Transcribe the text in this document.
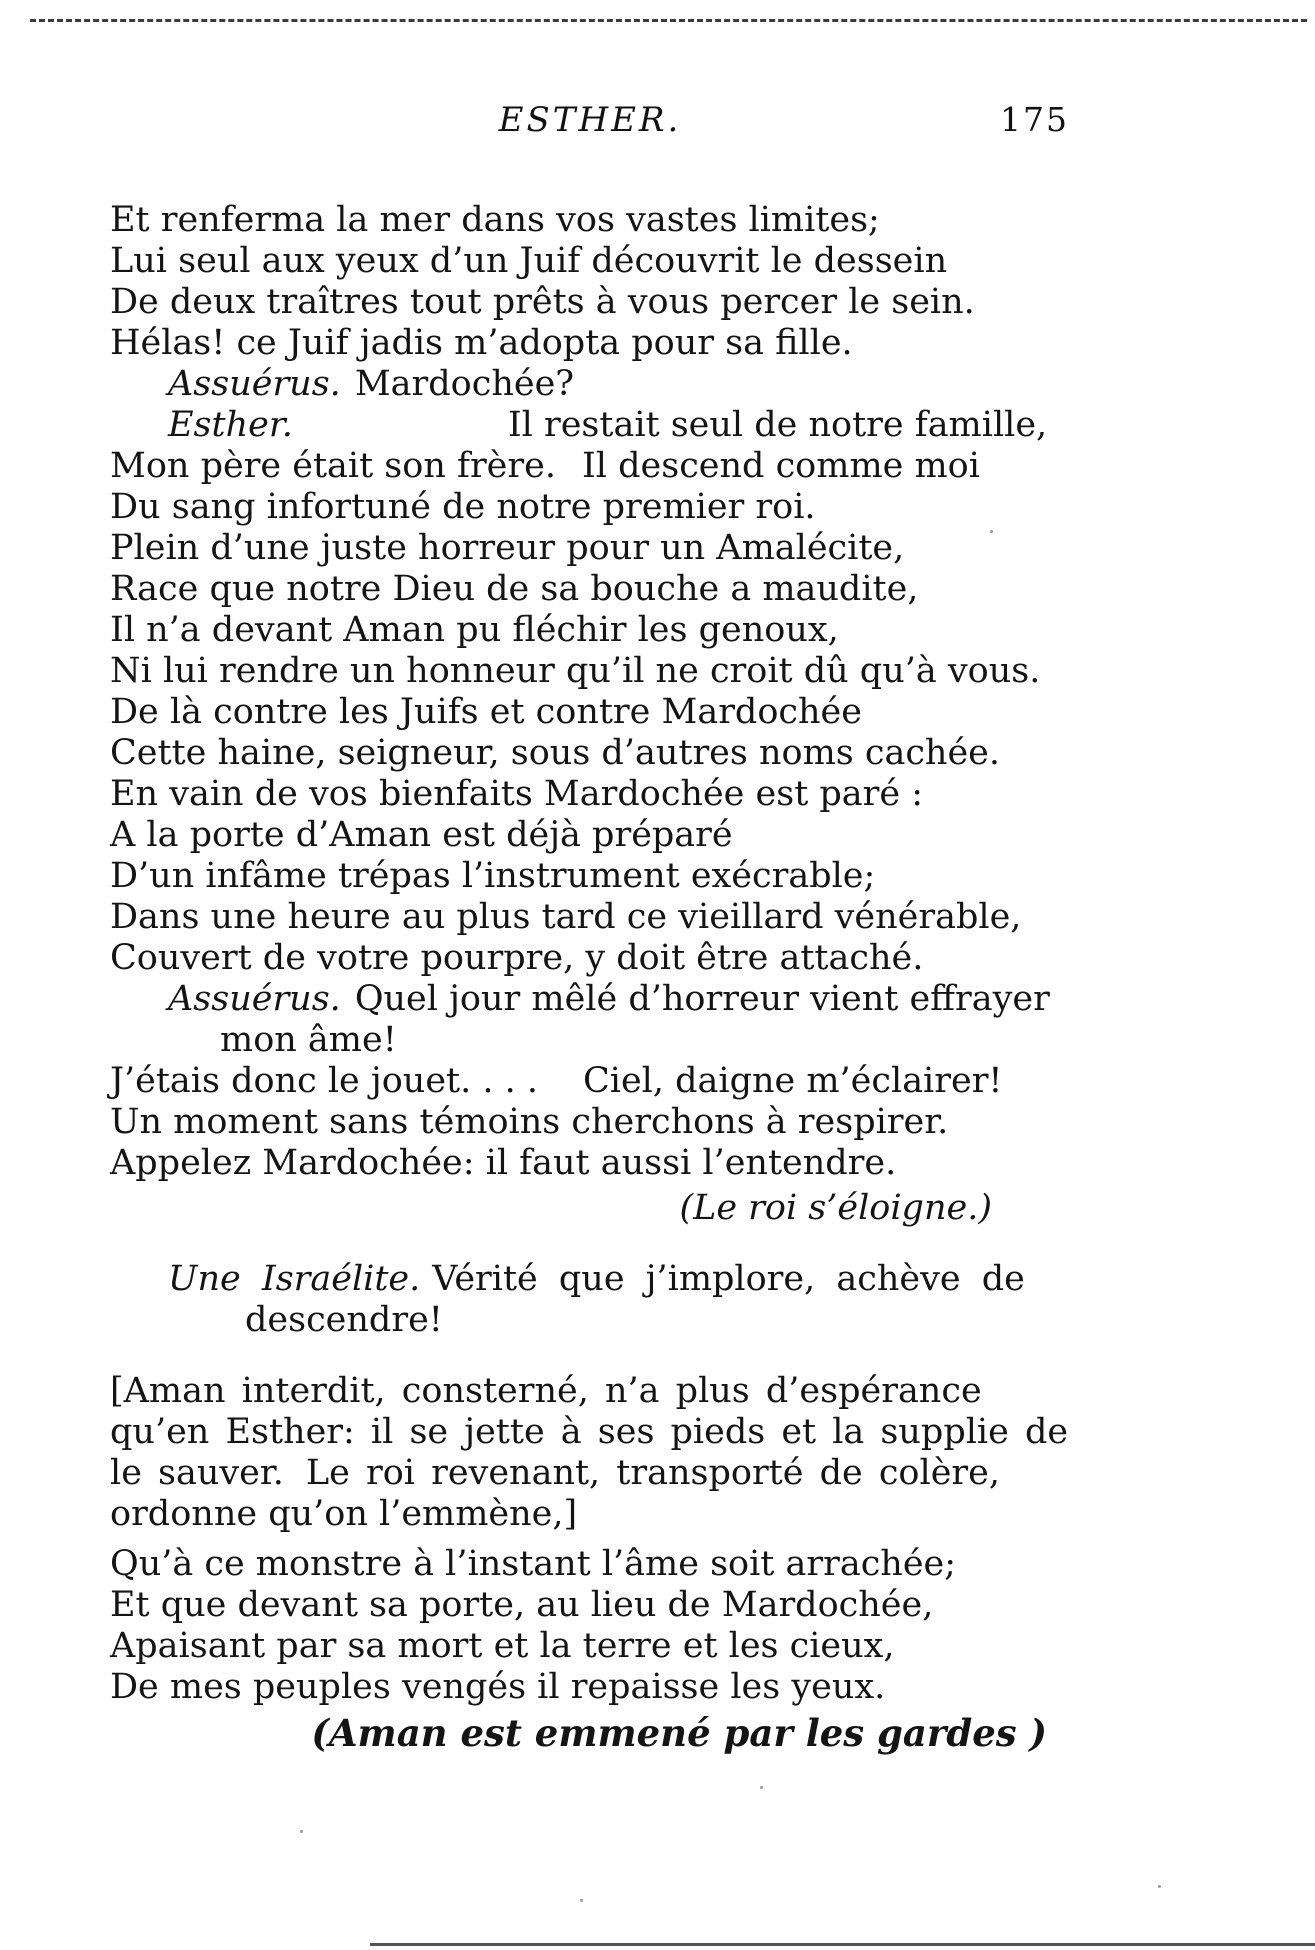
ESTHER.	175
Et renferma la mer dans vos vastes limites;
Lui seul aux yeux d’un Juif découvrit le dessein
De deux traîtres tout prêts à vous percer le sein.
Hélas! ce Juif jadis m’adopta pour sa fille.
Assuérus. Mardochée?
Esther.	Il restait seul de notre famille,
Mon père était son frère. Il descend comme moi
Du sang infortuné de notre premier roi.
Plein d’une juste horreur pour un Amalécite,
Race que notre Dieu de sa bouche a maudite,
Il n’a devant Aman pu fléchir les genoux,
Ni lui rendre un honneur qu’il ne croit dû qu’à vous.
De là contre les Juifs et contre Mardochée
Cette haine, seigneur, sous d’autres noms cachée.
En vain de vos bienfaits Mardochée est paré :
A la porte d’Aman est déjà préparé
D’un infâme trépas l’instrument exécrable;
Dans une heure au plus tard ce vieillard vénérable,
Couvert de votre pourpre, y doit être attaché.
Assuérus. Quel jour mêlé d’horreur vient effrayer
mon âme!
J’étais donc le jouet. . . . Ciel, daigne m’éclairer!
Un moment sans témoins cherchons à respirer.
Appelez Mardochée: il faut aussi l’entendre.
(Le roi s’éloigne.)
Une Israélite. Vérité que j’implore, achève de
descendre!
[Aman interdit, consterné, n’a plus d’espérance
qu’en Esther: il se jette à ses pieds et la supplie de
le sauver. Le roi revenant, transporté de colère,
ordonne qu’on l’emmène,]
Qu’à ce monstre à l’instant l’âme soit arrachée;
Et que devant sa porte, au lieu de Mardochée,
Apaisant par sa mort et la terre et les cieux,
De mes peuples vengés il repaisse les yeux.
(Aman est emmené par les gardes )
